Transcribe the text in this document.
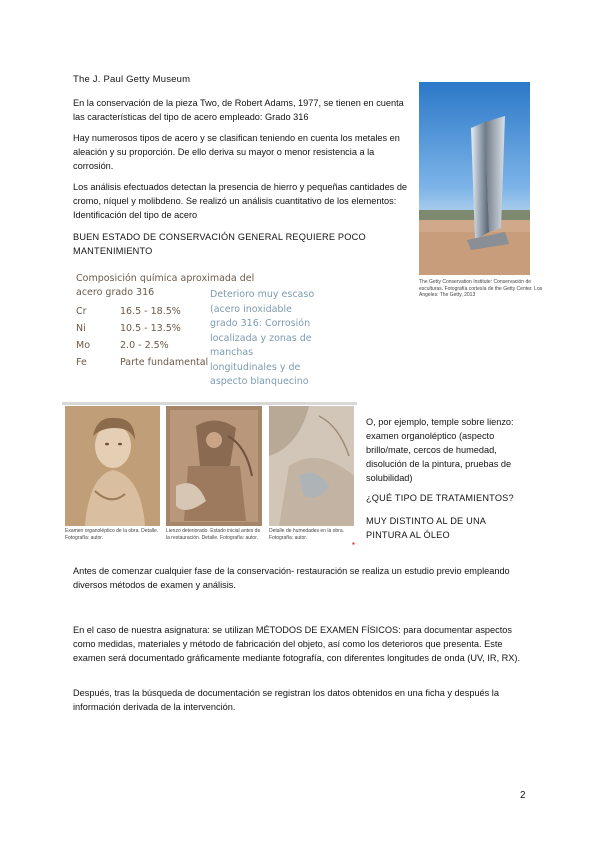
The J. Paul Getty Museum

En la conservación de la pieza Two, de Robert Adams, 1977, se tienen en cuenta las características del tipo de acero empleado: Grado 316

Hay numerosos tipos de acero y se clasifican teniendo en cuenta los metales en aleación y su proporción. De ello deriva su mayor o menor resistencia a la corrosión.

Los análisis efectuados detectan la presencia de hierro y pequeñas cantidades de cromo, níquel y molibdeno. Se realizó un análisis cuantitativo de los elementos: Identificación del tipo de acero

BUEN ESTADO DE CONSERVACIÓN GENERAL REQUIERE POCO MANTENIMIENTO

The Getty Conservation Institute: Conservación de esculturas. Fotografía cortesía de the Getty Center. Los Angeles: The Getty, 2013
Composición química aproximada del
acero grado 316
Cr	16.5 - 18.5%
Ni	10.5 - 13.5%
Mo	2.0 - 2.5%
Fe	Parte fundamental
Deterioro muy escaso
(acero inoxidable
grado 316: Corrosión
localizada y zonas de
manchas
longitudinales y de
aspecto blanquecino
Examen organoléptico de la obra. Detalle. Fotografía: autor.
Lienzo deteriorado. Estado inicial antes de la restauración. Detalle. Fotografía: autor.
Detalle de humedades en la obra. Fotografía: autor.
▪

O, por ejemplo, temple sobre lienzo: examen organoléptico (aspecto brillo/mate, cercos de humedad, disolución de la pintura, pruebas de solubilidad)

¿QUÉ TIPO DE TRATAMIENTOS?

MUY DISTINTO AL DE UNA PINTURA AL ÓLEO

Antes de comenzar cualquier fase de la conservación- restauración se realiza un estudio previo empleando diversos métodos de examen y análisis.

En el caso de nuestra asignatura: se utilizan MÉTODOS DE EXAMEN FÍSICOS: para documentar aspectos como medidas, materiales y método de fabricación del objeto, así como los deterioros que presenta. Este examen será documentado gráficamente mediante fotografía, con diferentes longitudes de onda (UV, IR, RX).

Después, tras la búsqueda de documentación se registran los datos obtenidos en una ficha y después la información derivada de la intervención.

2
